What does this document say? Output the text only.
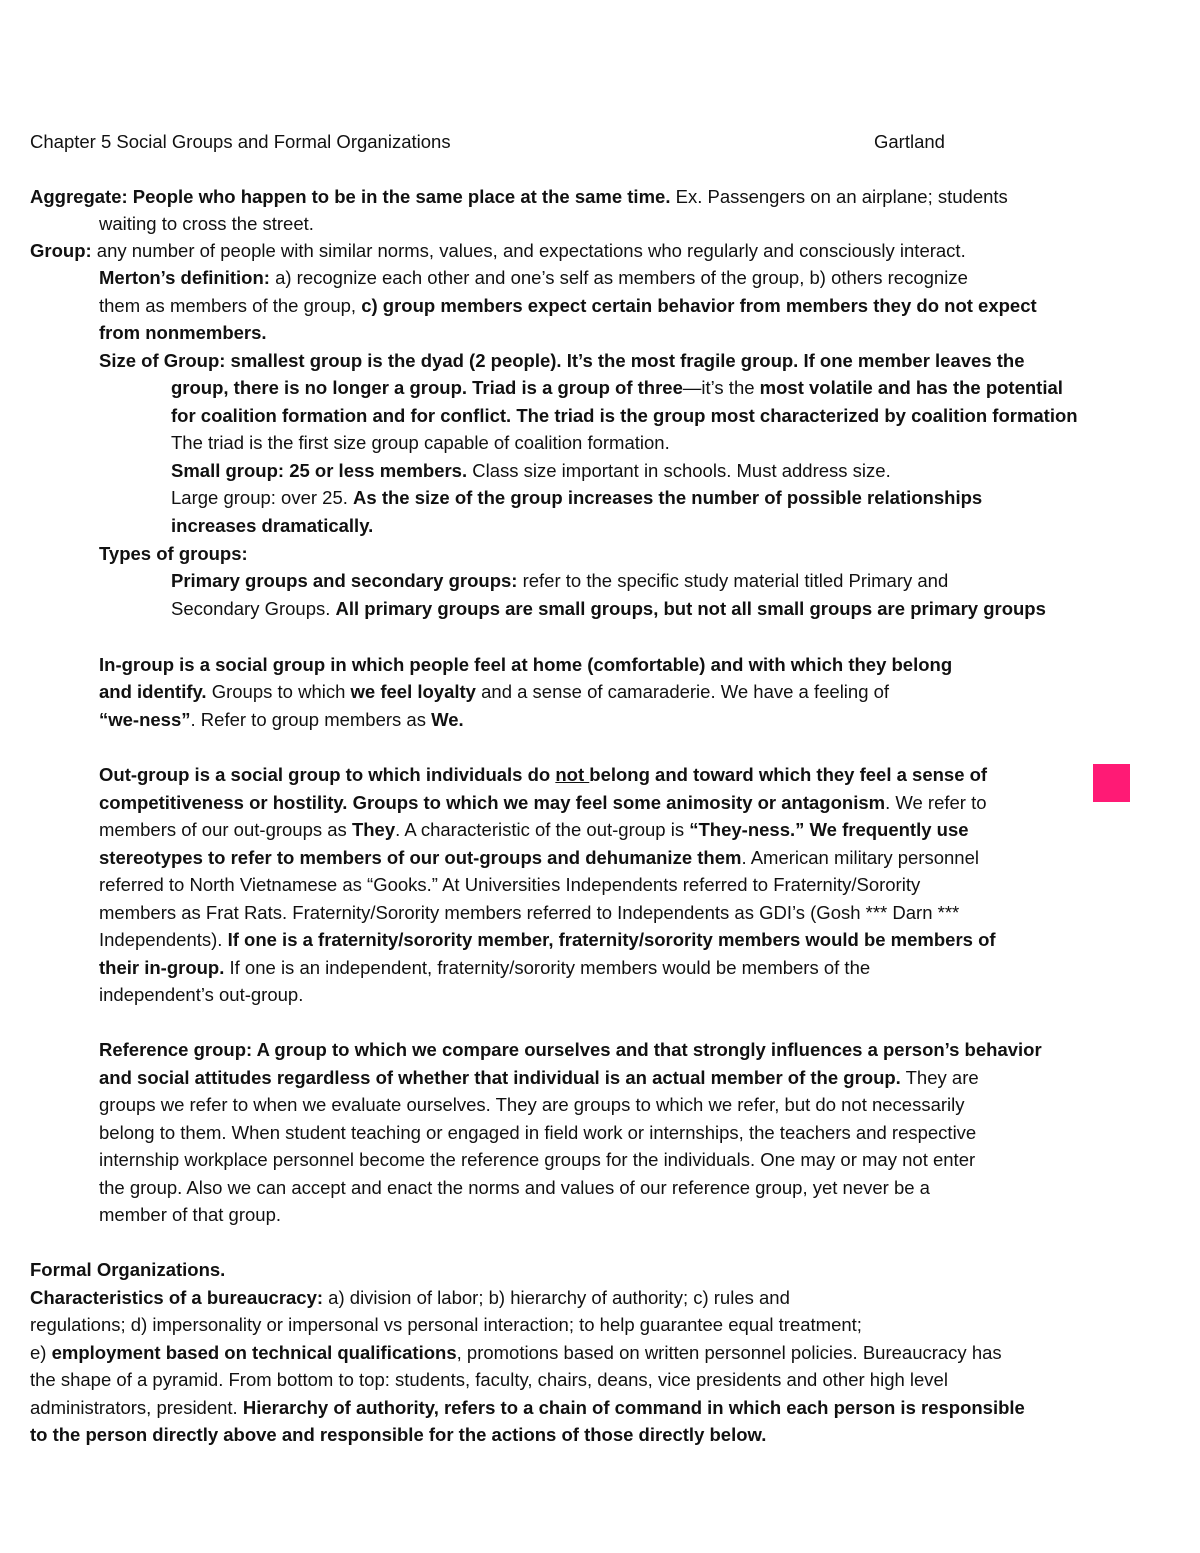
Chapter 5 Social Groups and Formal Organizations	Gartland
Aggregate: People who happen to be in the same place at the same time. Ex. Passengers on an airplane; students
waiting to cross the street.
Group: any number of people with similar norms, values, and expectations who regularly and consciously interact.
Merton’s definition: a) recognize each other and one’s self as members of the group, b) others recognize
them as members of the group, c) group members expect certain behavior from members they do not expect
from nonmembers.
Size of Group: smallest group is the dyad (2 people). It’s the most fragile group. If one member leaves the
group, there is no longer a group. Triad is a group of three—it’s the most volatile and has the potential
for coalition formation and for conflict. The triad is the group most characterized by coalition formation
The triad is the first size group capable of coalition formation.
Small group: 25 or less members. Class size important in schools. Must address size.
Large group: over 25. As the size of the group increases the number of possible relationships
increases dramatically.
Types of groups:
Primary groups and secondary groups: refer to the specific study material titled Primary and
Secondary Groups. All primary groups are small groups, but not all small groups are primary groups
In-group is a social group in which people feel at home (comfortable) and with which they belong
and identify. Groups to which we feel loyalty and a sense of camaraderie. We have a feeling of
“we-ness”. Refer to group members as We.
Out-group is a social group to which individuals do not belong and toward which they feel a sense of
competitiveness or hostility. Groups to which we may feel some animosity or antagonism. We refer to
members of our out-groups as They. A characteristic of the out-group is “They-ness.” We frequently use
stereotypes to refer to members of our out-groups and dehumanize them. American military personnel
referred to North Vietnamese as “Gooks.” At Universities Independents referred to Fraternity/Sorority
members as Frat Rats. Fraternity/Sorority members referred to Independents as GDI’s (Gosh *** Darn ***
Independents). If one is a fraternity/sorority member, fraternity/sorority members would be members of
their in-group. If one is an independent, fraternity/sorority members would be members of the
independent’s out-group.
Reference group: A group to which we compare ourselves and that strongly influences a person’s behavior
and social attitudes regardless of whether that individual is an actual member of the group. They are
groups we refer to when we evaluate ourselves. They are groups to which we refer, but do not necessarily
belong to them. When student teaching or engaged in field work or internships, the teachers and respective
internship workplace personnel become the reference groups for the individuals. One may or may not enter
the group. Also we can accept and enact the norms and values of our reference group, yet never be a
member of that group.
Formal Organizations.
Characteristics of a bureaucracy: a) division of labor; b) hierarchy of authority; c) rules and
regulations; d) impersonality or impersonal vs personal interaction; to help guarantee equal treatment;
e) employment based on technical qualifications, promotions based on written personnel policies. Bureaucracy has
the shape of a pyramid. From bottom to top: students, faculty, chairs, deans, vice presidents and other high level
administrators, president. Hierarchy of authority, refers to a chain of command in which each person is responsible
to the person directly above and responsible for the actions of those directly below.
